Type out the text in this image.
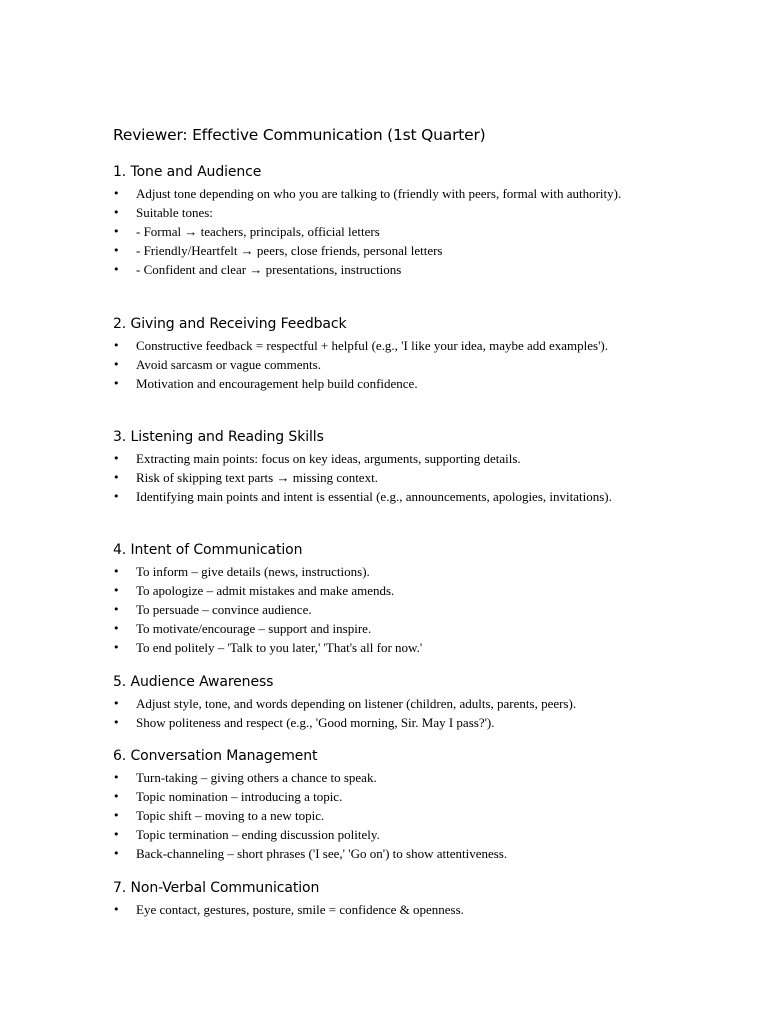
Reviewer: Effective Communication (1st Quarter)
1. Tone and Audience
• Adjust tone depending on who you are talking to (friendly with peers, formal with authority).
• Suitable tones:
• - Formal → teachers, principals, official letters
• - Friendly/Heartfelt → peers, close friends, personal letters
• - Confident and clear → presentations, instructions
2. Giving and Receiving Feedback
• Constructive feedback = respectful + helpful (e.g., 'I like your idea, maybe add examples').
• Avoid sarcasm or vague comments.
• Motivation and encouragement help build confidence.
3. Listening and Reading Skills
• Extracting main points: focus on key ideas, arguments, supporting details.
• Risk of skipping text parts → missing context.
• Identifying main points and intent is essential (e.g., announcements, apologies, invitations).
4. Intent of Communication
• To inform – give details (news, instructions).
• To apologize – admit mistakes and make amends.
• To persuade – convince audience.
• To motivate/encourage – support and inspire.
• To end politely – 'Talk to you later,' 'That's all for now.'
5. Audience Awareness
• Adjust style, tone, and words depending on listener (children, adults, parents, peers).
• Show politeness and respect (e.g., 'Good morning, Sir. May I pass?').
6. Conversation Management
• Turn-taking – giving others a chance to speak.
• Topic nomination – introducing a topic.
• Topic shift – moving to a new topic.
• Topic termination – ending discussion politely.
• Back-channeling – short phrases ('I see,' 'Go on') to show attentiveness.
7. Non-Verbal Communication
• Eye contact, gestures, posture, smile = confidence & openness.
